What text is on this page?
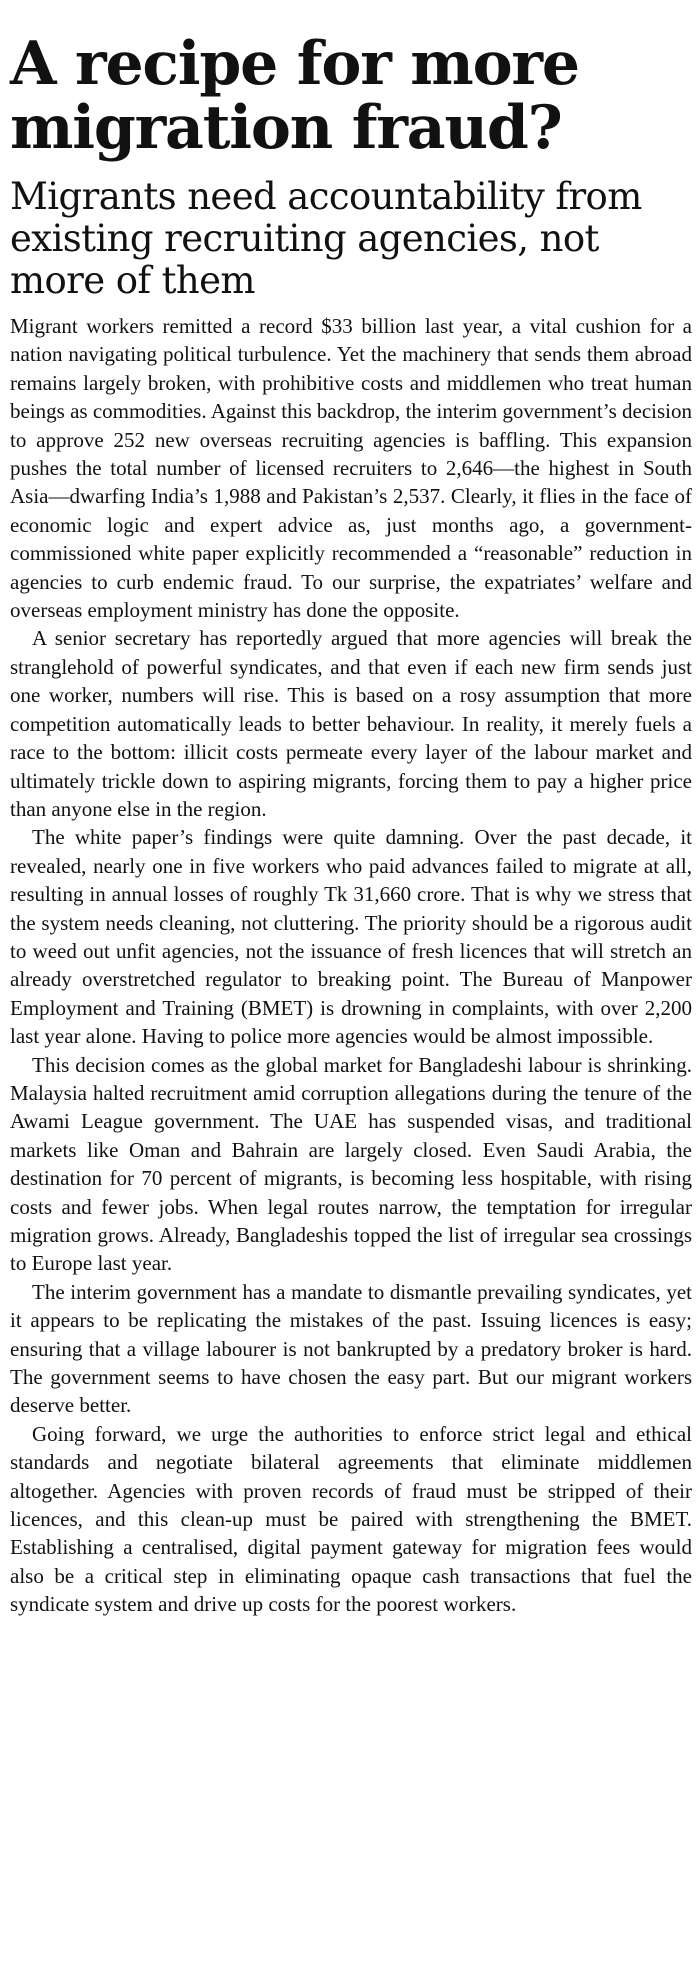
A recipe for more migration fraud?
Migrants need accountability from existing recruiting agencies, not more of them

Migrant workers remitted a record $33 billion last year, a vital cushion for a nation navigating political turbulence. Yet the machinery that sends them abroad remains largely broken, with prohibitive costs and middlemen who treat human beings as commodities. Against this backdrop, the interim government’s decision to approve 252 new overseas recruiting agencies is baffling. This expansion pushes the total number of licensed recruiters to 2,646—the highest in South Asia—dwarfing India’s 1,988 and Pakistan’s 2,537. Clearly, it flies in the face of economic logic and expert advice as, just months ago, a government-commissioned white paper explicitly recommended a “reasonable” reduction in agencies to curb endemic fraud. To our surprise, the expatriates’ welfare and overseas employment ministry has done the opposite.

A senior secretary has reportedly argued that more agencies will break the stranglehold of powerful syndicates, and that even if each new firm sends just one worker, numbers will rise. This is based on a rosy assumption that more competition automatically leads to better behaviour. In reality, it merely fuels a race to the bottom: illicit costs permeate every layer of the labour market and ultimately trickle down to aspiring migrants, forcing them to pay a higher price than anyone else in the region.

The white paper’s findings were quite damning. Over the past decade, it revealed, nearly one in five workers who paid advances failed to migrate at all, resulting in annual losses of roughly Tk 31,660 crore. That is why we stress that the system needs cleaning, not cluttering. The priority should be a rigorous audit to weed out unfit agencies, not the issuance of fresh licences that will stretch an already overstretched regulator to breaking point. The Bureau of Manpower Employment and Training (BMET) is drowning in complaints, with over 2,200 last year alone. Having to police more agencies would be almost impossible.

This decision comes as the global market for Bangladeshi labour is shrinking. Malaysia halted recruitment amid corruption allegations during the tenure of the Awami League government. The UAE has suspended visas, and traditional markets like Oman and Bahrain are largely closed. Even Saudi Arabia, the destination for 70 percent of migrants, is becoming less hospitable, with rising costs and fewer jobs. When legal routes narrow, the temptation for irregular migration grows. Already, Bangladeshis topped the list of irregular sea crossings to Europe last year.

The interim government has a mandate to dismantle prevailing syndicates, yet it appears to be replicating the mistakes of the past. Issuing licences is easy; ensuring that a village labourer is not bankrupted by a predatory broker is hard. The government seems to have chosen the easy part. But our migrant workers deserve better.

Going forward, we urge the authorities to enforce strict legal and ethical standards and negotiate bilateral agreements that eliminate middlemen altogether. Agencies with proven records of fraud must be stripped of their licences, and this clean-up must be paired with strengthening the BMET. Establishing a centralised, digital payment gateway for migration fees would also be a critical step in eliminating opaque cash transactions that fuel the syndicate system and drive up costs for the poorest workers.
